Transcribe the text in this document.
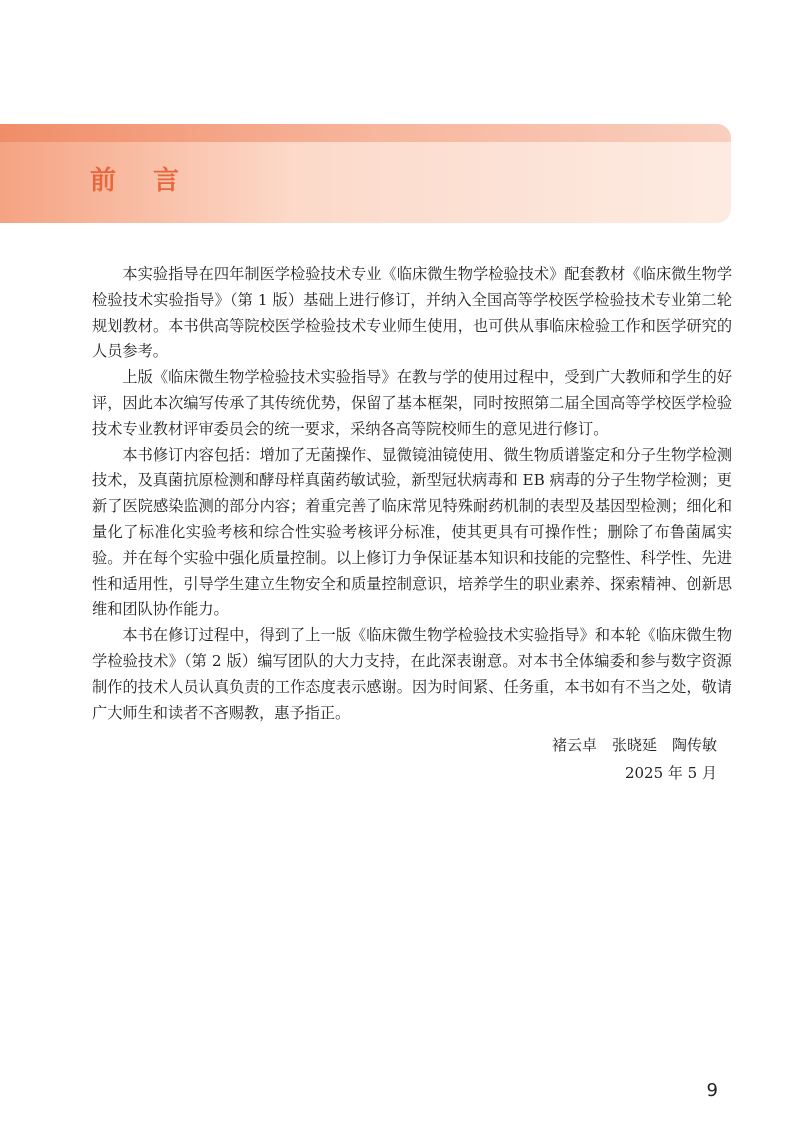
前 言

本实验指导在四年制医学检验技术专业《临床微生物学检验技术》配套教材《临床微生物学检验技术实验指导》（第 1 版）基础上进行修订，并纳入全国高等学校医学检验技术专业第二轮规划教材。本书供高等院校医学检验技术专业师生使用，也可供从事临床检验工作和医学研究的人员参考。

上版《临床微生物学检验技术实验指导》在教与学的使用过程中，受到广大教师和学生的好评，因此本次编写传承了其传统优势，保留了基本框架，同时按照第二届全国高等学校医学检验技术专业教材评审委员会的统一要求，采纳各高等院校师生的意见进行修订。

本书修订内容包括：增加了无菌操作、显微镜油镜使用、微生物质谱鉴定和分子生物学检测技术，及真菌抗原检测和酵母样真菌药敏试验，新型冠状病毒和 EB 病毒的分子生物学检测；更新了医院感染监测的部分内容；着重完善了临床常见特殊耐药机制的表型及基因型检测；细化和量化了标准化实验考核和综合性实验考核评分标准，使其更具有可操作性；删除了布鲁菌属实验。并在每个实验中强化质量控制。以上修订力争保证基本知识和技能的完整性、科学性、先进性和适用性，引导学生建立生物安全和质量控制意识，培养学生的职业素养、探索精神、创新思维和团队协作能力。

本书在修订过程中，得到了上一版《临床微生物学检验技术实验指导》和本轮《临床微生物学检验技术》（第 2 版）编写团队的大力支持，在此深表谢意。对本书全体编委和参与数字资源制作的技术人员认真负责的工作态度表示感谢。因为时间紧、任务重，本书如有不当之处，敬请广大师生和读者不吝赐教，惠予指正。

褚云卓　张晓延　陶传敏
2025 年 5 月
9
